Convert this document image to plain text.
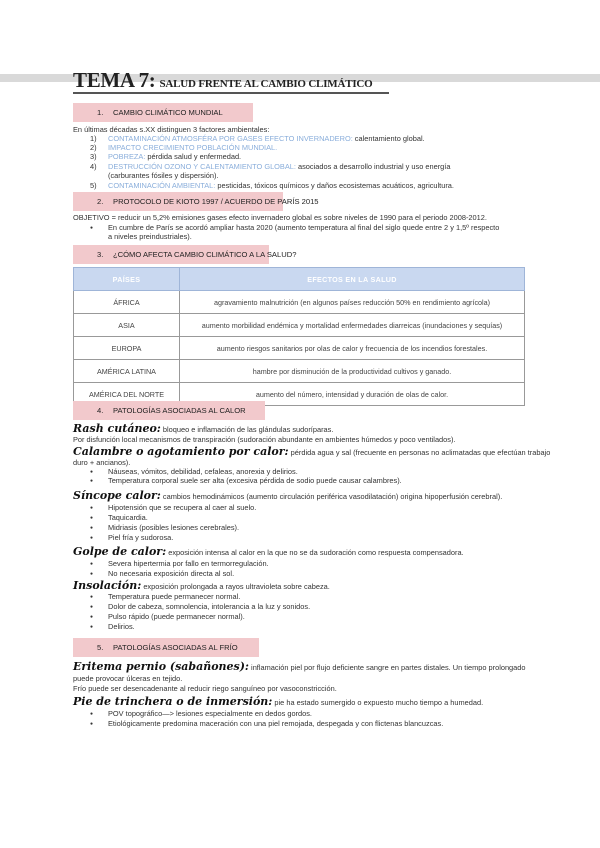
TEMA 7: SALUD FRENTE AL CAMBIO CLIMÁTICO
1. CAMBIO CLIMÁTICO MUNDIAL
En últimas décadas s.XX distinguen 3 factores ambientales:
1) CONTAMINACIÓN ATMOSFÉRA POR GASES EFECTO INVERNADERO: calentamiento global.
2) IMPACTO CRECIMIENTO POBLACIÓN MUNDIAL.
3) POBREZA: pérdida salud y enfermedad.
4) DESTRUCCIÓN OZONO Y CALENTAMIENTO GLOBAL: asociados a desarrollo industrial y uso energía
(carburantes fósiles y dispersión).
5) CONTAMINACIÓN AMBIENTAL: pesticidas, tóxicos químicos y daños ecosistemas acuáticos, agricultura.
2. PROTOCOLO DE KIOTO 1997 / ACUERDO DE PARÍS 2015
OBJETIVO = reducir un 5,2% emisiones gases efecto invernadero global es sobre niveles de 1990 para el periodo 2008-2012.
● En cumbre de París se acordó ampliar hasta 2020 (aumento temperatura al final del siglo quede entre 2 y 1,5º respecto
a niveles preindustriales).
3. ¿CÓMO AFECTA CAMBIO CLIMÁTICO A LA SALUD?
PAÍSES	EFECTOS EN LA SALUD
ÁFRICA	agravamiento malnutrición (en algunos países reducción 50% en rendimiento agrícola)
ASIA	aumento morbilidad endémica y mortalidad enfermedades diarreicas (inundaciones y sequías)
EUROPA	aumento riesgos sanitarios por olas de calor y frecuencia de los incendios forestales.
AMÉRICA LATINA	hambre por disminución de la productividad cultivos y ganado.
AMÉRICA DEL NORTE	aumento del número, intensidad y duración de olas de calor.
4. PATOLOGÍAS ASOCIADAS AL CALOR
Rash cutáneo: bloqueo e inflamación de las glándulas sudoríparas.
Por disfunción local mecanismos de transpiración (sudoración abundante en ambientes húmedos y poco ventilados).
Calambre o agotamiento por calor: pérdida agua y sal (frecuente en personas no aclimatadas que efectúan trabajo
duro + ancianos).
● Náuseas, vómitos, debilidad, cefaleas, anorexia y delirios.
● Temperatura corporal suele ser alta (excesiva pérdida de sodio puede causar calambres).
Síncope calor: cambios hemodinámicos (aumento circulación periférica vasodilatación) origina hipoperfusión cerebral).
● Hipotensión que se recupera al caer al suelo.
● Taquicardia.
● Midriasis (posibles lesiones cerebrales).
● Piel fría y sudorosa.
Golpe de calor: exposición intensa al calor en la que no se da sudoración como respuesta compensadora.
● Severa hipertermia por fallo en termorregulación.
● No necesaria exposición directa al sol.
Insolación: exposición prolongada a rayos ultravioleta sobre cabeza.
● Temperatura puede permanecer normal.
● Dolor de cabeza, somnolencia, intolerancia a la luz y sonidos.
● Pulso rápido (puede permanecer normal).
● Delirios.
5. PATOLOGÍAS ASOCIADAS AL FRÍO
Eritema pernio (sabañones): inflamación piel por flujo deficiente sangre en partes distales. Un tiempo prolongado
puede provocar úlceras en tejido.
Frío puede ser desencadenante al reducir riego sanguíneo por vasoconstricción.
Pie de trinchera o de inmersión: pie ha estado sumergido o expuesto mucho tiempo a humedad.
● POV topográfico—> lesiones especialmente en dedos gordos.
● Etiológicamente predomina maceración con una piel remojada, despegada y con flictenas blancuzcas.
